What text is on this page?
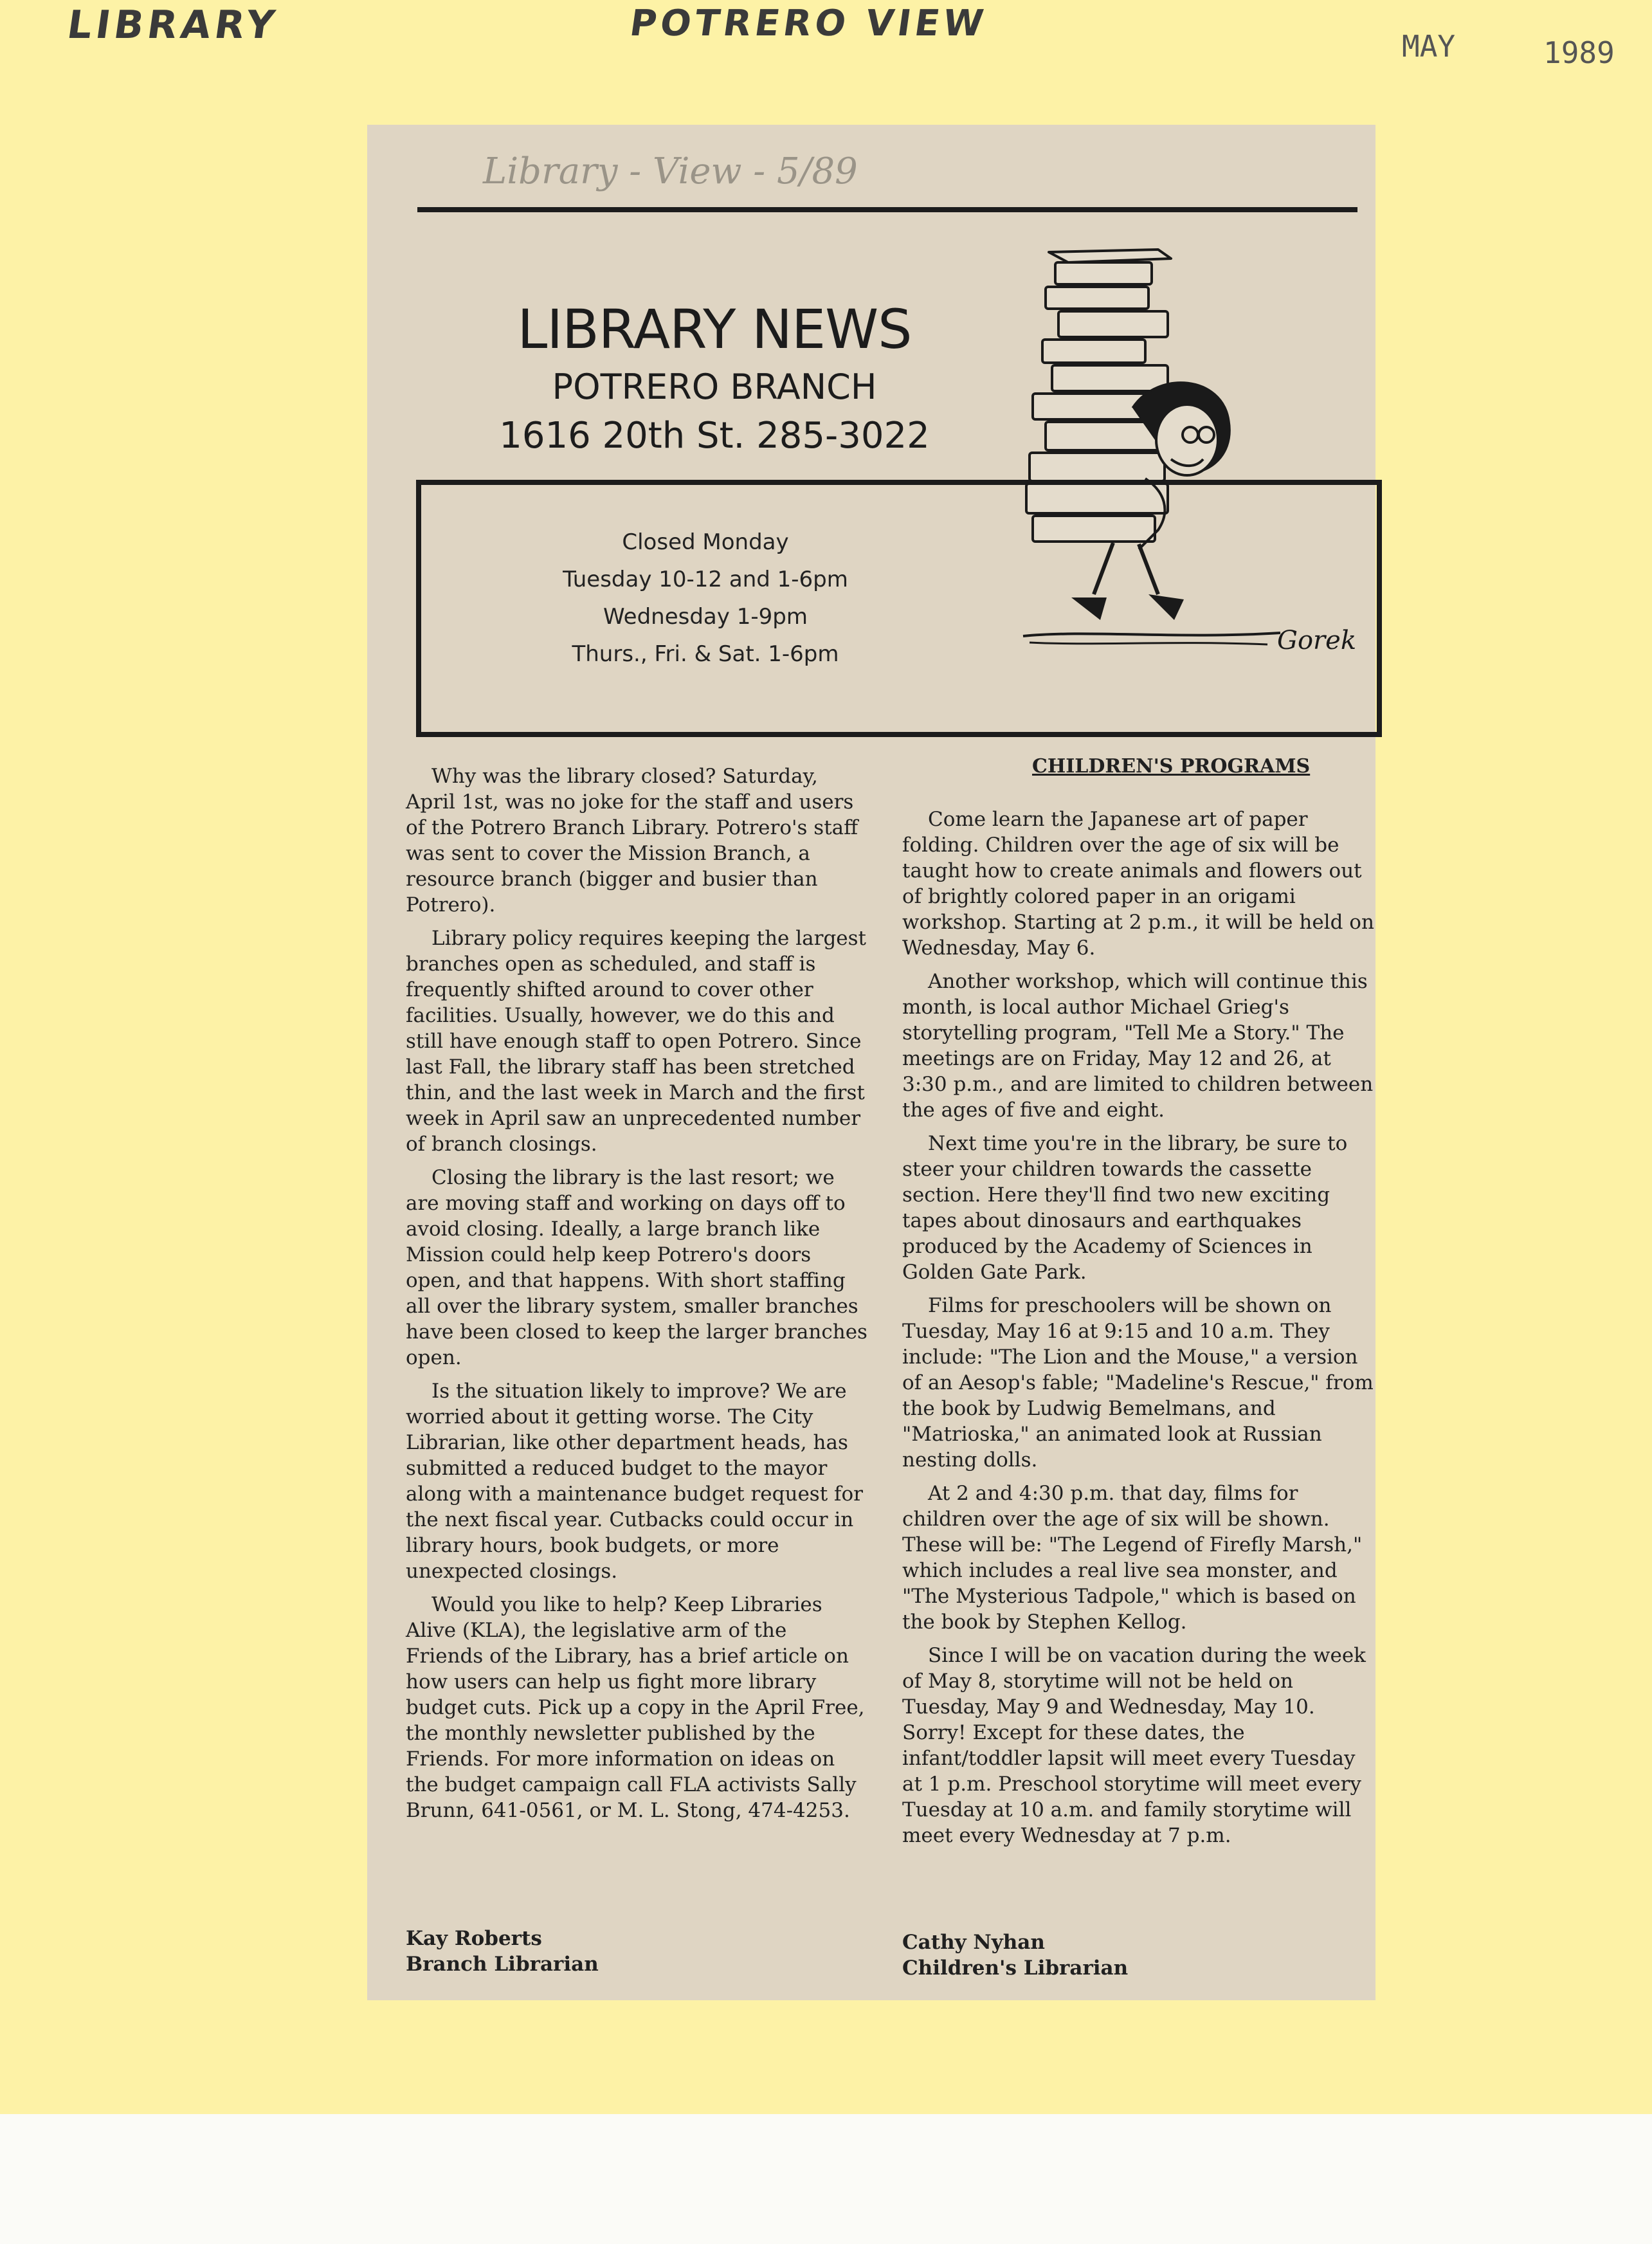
LIBRARY	POTRERO VIEW
MAY	1989
Library - View - 5/89
LIBRARY NEWS
POTRERO BRANCH
1616 20th St. 285-3022
Closed Monday
Tuesday 10-12 and 1-6pm
Wednesday 1-9pm
Thurs., Fri. & Sat. 1-6pm	Gorek

Why was the library closed? Saturday, April 1st, was no joke for the staff and users of the Potrero Branch Library. Potrero's staff was sent to cover the Mission Branch, a resource branch (bigger and busier than Potrero).

Library policy requires keeping the largest branches open as scheduled, and staff is frequently shifted around to cover other facilities. Usually, however, we do this and still have enough staff to open Potrero. Since last Fall, the library staff has been stretched thin, and the last week in March and the first week in April saw an unprecedented number of branch closings.

Closing the library is the last resort; we are moving staff and working on days off to avoid closing. Ideally, a large branch like Mission could help keep Potrero's doors open, and that happens. With short staffing all over the library system, smaller branches have been closed to keep the larger branches open.

Is the situation likely to improve? We are worried about it getting worse. The City Librarian, like other department heads, has submitted a reduced budget to the mayor along with a maintenance budget request for the next fiscal year. Cutbacks could occur in library hours, book budgets, or more unexpected closings.

Would you like to help? Keep Libraries Alive (KLA), the legislative arm of the Friends of the Library, has a brief article on how users can help us fight more library budget cuts. Pick up a copy in the April Free, the monthly newsletter published by the Friends. For more information on ideas on the budget campaign call FLA activists Sally Brunn, 641-0561, or M. L. Stong, 474-4253.

Kay Roberts
Branch Librarian
CHILDREN'S PROGRAMS

Come learn the Japanese art of paper folding. Children over the age of six will be taught how to create animals and flowers out of brightly colored paper in an origami workshop. Starting at 2 p.m., it will be held on Wednesday, May 6.

Another workshop, which will continue this month, is local author Michael Grieg's storytelling program, "Tell Me a Story." The meetings are on Friday, May 12 and 26, at 3:30 p.m., and are limited to children between the ages of five and eight.

Next time you're in the library, be sure to steer your children towards the cassette section. Here they'll find two new exciting tapes about dinosaurs and earthquakes produced by the Academy of Sciences in Golden Gate Park.

Films for preschoolers will be shown on Tuesday, May 16 at 9:15 and 10 a.m. They include: "The Lion and the Mouse," a version of an Aesop's fable; "Madeline's Rescue," from the book by Ludwig Bemelmans, and "Matrioska," an animated look at Russian nesting dolls.

At 2 and 4:30 p.m. that day, films for children over the age of six will be shown. These will be: "The Legend of Firefly Marsh," which includes a real live sea monster, and "The Mysterious Tadpole," which is based on the book by Stephen Kellog.

Since I will be on vacation during the week of May 8, storytime will not be held on Tuesday, May 9 and Wednesday, May 10. Sorry! Except for these dates, the infant/toddler lapsit will meet every Tuesday at 1 p.m. Preschool storytime will meet every Tuesday at 10 a.m. and family storytime will meet every Wednesday at 7 p.m.

Cathy Nyhan
Children's Librarian
